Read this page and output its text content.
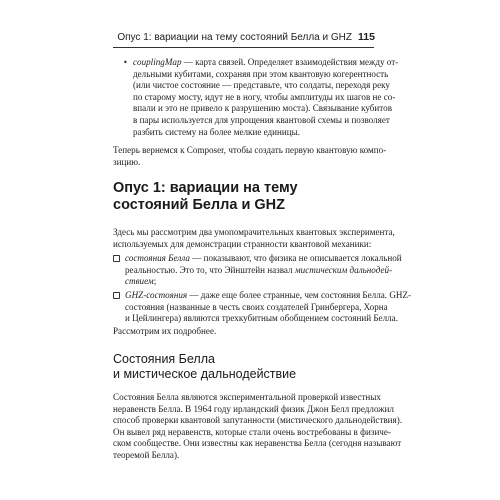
Опус 1: вариации на тему состояний Белла и GHZ 115
• couplingMap — карта связей. Определяет взаимодействия между от-
дельными кубитами, сохраняя при этом квантовую когерентность
(или чистое состояние — представьте, что солдаты, переходя реку
по старому мосту, идут не в ногу, чтобы амплитуды их шагов не со-
впали и это не привело к разрушению моста). Связывание кубитов
в пары используется для упрощения квантовой схемы и позволяет
разбить систему на более мелкие единицы.

Теперь вернемся к Composer, чтобы создать первую квантовую компо-
зицию.

Опус 1: вариации на тему
состояний Белла и GHZ

Здесь мы рассмотрим два умопомрачительных квантовых эксперимента,
используемых для демонстрации странности квантовой механики:

состояния Белла — показывают, что физика не описывается локальной
реальностью. Это то, что Эйнштейн назвал мистическим дальнодей-
ствием;
GHZ-состояния — даже еще более странные, чем состояния Белла. GHZ-
состояния (названные в честь своих создателей Гринбергера, Хорна
и Цейлингера) являются трехкубитным обобщением состояний Белла.

Рассмотрим их подробнее.

Состояния Белла
и мистическое дальнодействие

Состояния Белла являются экспериментальной проверкой известных
неравенств Белла. В 1964 году ирландский физик Джон Белл предложил
способ проверки квантовой запутанности (мистического дальнодействия).
Он вывел ряд неравенств, которые стали очень востребованы в физиче-
ском сообществе. Они известны как неравенства Белла (сегодня называют
теоремой Белла).
